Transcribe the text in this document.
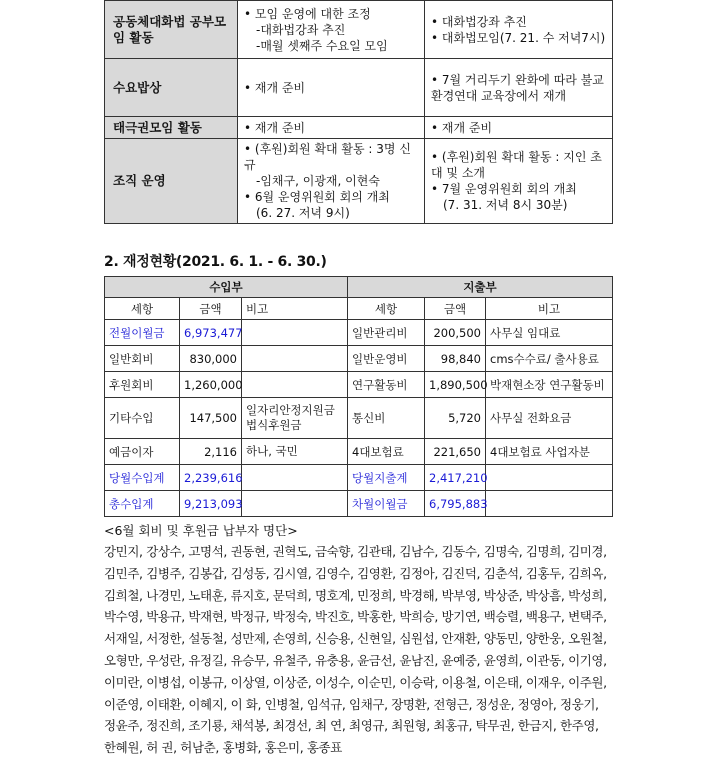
공동체대화법 공부모임 활동	• 모임 운영에 대한 조정
-대화법강좌 추진
-매월 셋째주 수요일 모임	• 대화법강좌 추진
• 대화법모임(7. 21. 수 저녁7시)

수요밥상	• 재개 준비	• 7월 거리두기 완화에 따라 불교환경연대 교육장에서 재개

태극권모임 활동	• 재개 준비	• 재개 준비

조직 운영	• (후원)회원 확대 활동 : 3명 신규
-임채구, 이광재, 이현숙
• 6월 운영위원회 회의 개최
(6. 27. 저녁 9시)	• (후원)회원 확대 활동 : 지인 초대 및 소개
• 7월 운영위원회 회의 개최
(7. 31. 저녁 8시 30분)
2. 재정현황(2021. 6. 1. - 6. 30.)
수입부			지출부		
세항	금액	비고	세항	금액	비고
전월이월금	6,973,477		일반관리비	200,500	사무실 임대료
일반회비	830,000		일반운영비	98,840	cms수수료/ 출사용료
후원회비	1,260,000		연구활동비	1,890,500	박재현소장 연구활동비
기타수입	147,500	일자리안정지원금 법식후원금	통신비	5,720	사무실 전화요금
예금이자	2,116	하나, 국민	4대보험료	221,650	4대보험료 사업자분
당월수입계	2,239,616		당월지출계	2,417,210	
총수입계	9,213,093		차월이월금	6,795,883	
<6월 회비 및 후원금 납부자 명단>
강민지, 강상수, 고명석, 권동현, 권혁도, 금숙향, 김관태, 김남수, 김동수, 김명숙, 김명희, 김미경, 김민주, 김병주, 김봉갑, 김성동, 김시열, 김영수, 김영환, 김정아, 김진덕, 김춘석, 김홍두, 김희옥, 김희철, 나경민, 노태훈, 류지호, 문덕희, 명호계, 민정희, 박경해, 박부영, 박상준, 박상흠, 박성희, 박수영, 박용규, 박재현, 박정규, 박정숙, 박진호, 박홍한, 박희승, 방기연, 백승렬, 백용구, 변택주, 서재일, 서정한, 설동철, 성만제, 손영희, 신승용, 신현일, 심원섭, 안재환, 양동민, 양한웅, 오원철, 오형만, 우성란, 유정길, 유승무, 유철주, 유충용, 윤금선, 윤남진, 윤예중, 윤영희, 이관동, 이기영, 이미란, 이병섭, 이봉규, 이상열, 이상준, 이성수, 이순민, 이승락, 이용철, 이은태, 이재우, 이주원, 이준영, 이태환, 이혜지, 이 화, 인병철, 임석규, 임채구, 장명환, 전형근, 정성운, 정영아, 정웅기, 정윤주, 정진희, 조기룡, 채석봉, 최경선, 최 연, 최영규, 최원형, 최홍규, 탁무권, 한금지, 한주영, 한혜원, 허 권, 허남춘, 홍병화, 홍은미, 홍종표
